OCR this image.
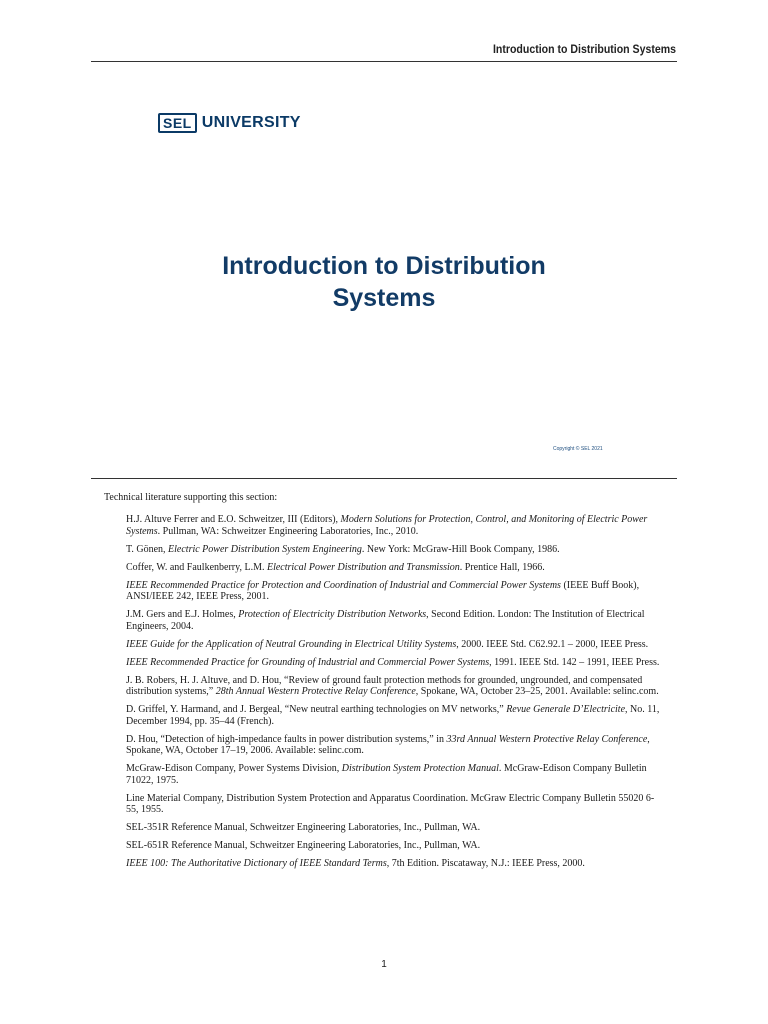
Introduction to Distribution Systems
SEL UNIVERSITY
Introduction to Distribution
Systems
Copyright © SEL 2021
Technical literature supporting this section:
H.J. Altuve Ferrer and E.O. Schweitzer, III (Editors), Modern Solutions for Protection, Control, and Monitoring of Electric Power Systems. Pullman, WA: Schweitzer Engineering Laboratories, Inc., 2010.
T. Gönen, Electric Power Distribution System Engineering. New York: McGraw-Hill Book Company, 1986.
Coffer, W. and Faulkenberry, L.M. Electrical Power Distribution and Transmission. Prentice Hall, 1966.
IEEE Recommended Practice for Protection and Coordination of Industrial and Commercial Power Systems (IEEE Buff Book), ANSI/IEEE 242, IEEE Press, 2001.
J.M. Gers and E.J. Holmes, Protection of Electricity Distribution Networks, Second Edition. London: The Institution of Electrical Engineers, 2004.
IEEE Guide for the Application of Neutral Grounding in Electrical Utility Systems, 2000. IEEE Std. C62.92.1 – 2000, IEEE Press.
IEEE Recommended Practice for Grounding of Industrial and Commercial Power Systems, 1991. IEEE Std. 142 – 1991, IEEE Press.
J. B. Robers, H. J. Altuve, and D. Hou, “Review of ground fault protection methods for grounded, ungrounded, and compensated distribution systems,” 28th Annual Western Protective Relay Conference, Spokane, WA, October 23–25, 2001. Available: selinc.com.
D. Griffel, Y. Harmand, and J. Bergeal, “New neutral earthing technologies on MV networks,” Revue Generale D’Electricite, No. 11, December 1994, pp. 35–44 (French).
D. Hou, “Detection of high-impedance faults in power distribution systems,” in 33rd Annual Western Protective Relay Conference, Spokane, WA, October 17–19, 2006. Available: selinc.com.
McGraw-Edison Company, Power Systems Division, Distribution System Protection Manual. McGraw-Edison Company Bulletin 71022, 1975.
Line Material Company, Distribution System Protection and Apparatus Coordination. McGraw Electric Company Bulletin 55020 6-55, 1955.
SEL-351R Reference Manual, Schweitzer Engineering Laboratories, Inc., Pullman, WA.
SEL-651R Reference Manual, Schweitzer Engineering Laboratories, Inc., Pullman, WA.
IEEE 100: The Authoritative Dictionary of IEEE Standard Terms, 7th Edition. Piscataway, N.J.: IEEE Press, 2000.
1
